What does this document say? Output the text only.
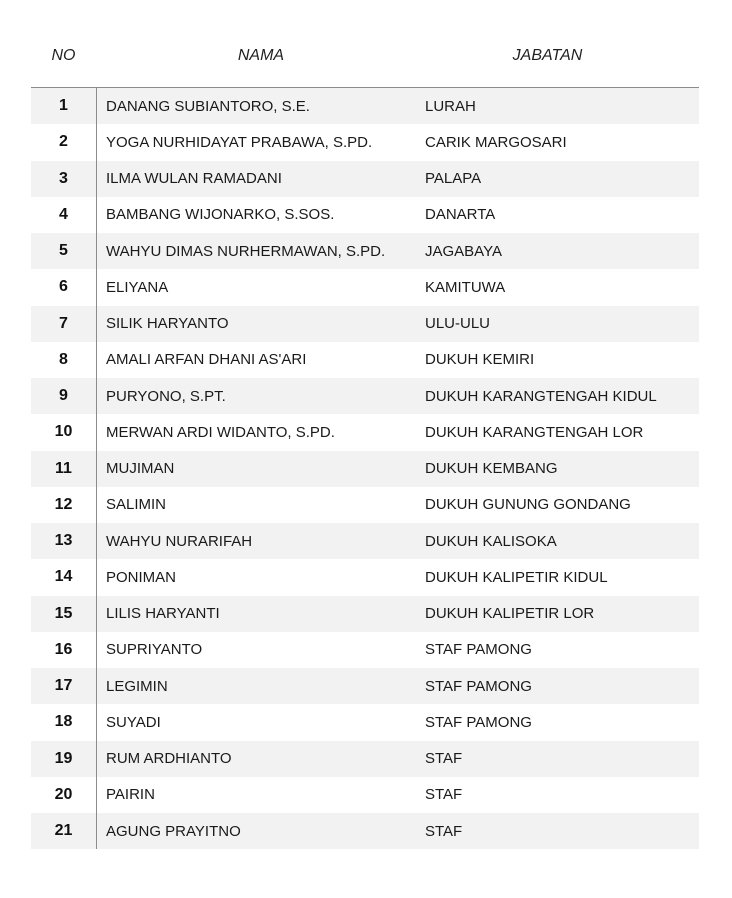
NO	NAMA	JABATAN
1	DANANG SUBIANTORO, S.E.	LURAH
2	YOGA NURHIDAYAT PRABAWA, S.PD.	CARIK MARGOSARI
3	ILMA WULAN RAMADANI	PALAPA
4	BAMBANG WIJONARKO, S.SOS.	DANARTA
5	WAHYU DIMAS NURHERMAWAN, S.PD.	JAGABAYA
6	ELIYANA	KAMITUWA
7	SILIK HARYANTO	ULU-ULU
8	AMALI ARFAN DHANI AS'ARI	DUKUH KEMIRI
9	PURYONO, S.PT.	DUKUH KARANGTENGAH KIDUL
10	MERWAN ARDI WIDANTO, S.PD.	DUKUH KARANGTENGAH LOR
11	MUJIMAN	DUKUH KEMBANG
12	SALIMIN	DUKUH GUNUNG GONDANG
13	WAHYU NURARIFAH	DUKUH KALISOKA
14	PONIMAN	DUKUH KALIPETIR KIDUL
15	LILIS HARYANTI	DUKUH KALIPETIR LOR
16	SUPRIYANTO	STAF PAMONG
17	LEGIMIN	STAF PAMONG
18	SUYADI	STAF PAMONG
19	RUM ARDHIANTO	STAF
20	PAIRIN	STAF
21	AGUNG PRAYITNO	STAF
